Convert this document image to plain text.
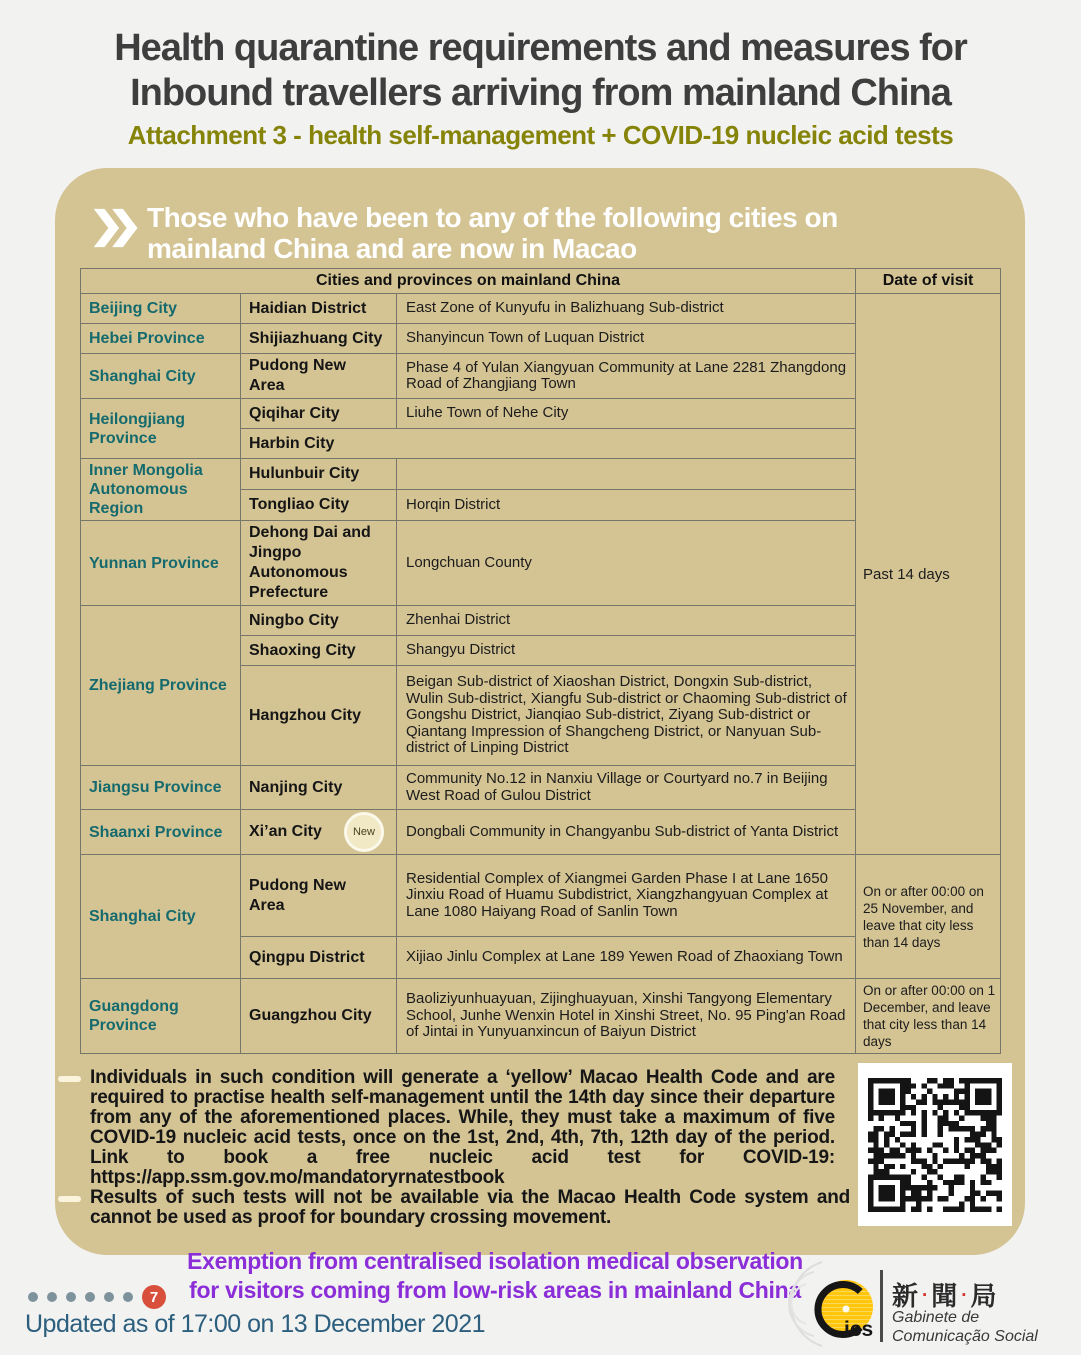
Health quarantine requirements and measures for
Inbound travellers arriving from mainland China
Attachment 3 - health self-management + COVID-19 nucleic acid tests
Those who have been to any of the following cities on
mainland China and are now in Macao
Cities and provinces on mainland China			Date of visit
Beijing City	Haidian District	East Zone of Kunyufu in Balizhuang Sub-district	Past 14 days
Hebei Province	Shijiazhuang City	Shanyincun Town of Luquan District	
Shanghai City	Pudong New Area	Phase 4 of Yulan Xiangyuan Community at Lane 2281 Zhangdong Road of Zhangjiang Town	
Heilongjiang Province	Qiqihar City	Liuhe Town of Nehe City	
	Harbin City		
Inner Mongolia Autonomous Region	Hulunbuir City		
	Tongliao City	Horqin District	
Yunnan Province	Dehong Dai and Jingpo Autonomous Prefecture	Longchuan County	
Zhejiang Province	Ningbo City	Zhenhai District	
	Shaoxing City	Shangyu District	
	Hangzhou City	Beigan Sub-district of Xiaoshan District, Dongxin Sub-district, Wulin Sub-district, Xiangfu Sub-district or Chaoming Sub-district of Gongshu District, Jianqiao Sub-district, Ziyang Sub-district or Qiantang Impression of Shangcheng District, or Nanyuan Sub-district of Linping District	
Jiangsu Province	Nanjing City	Community No.12 in Nanxiu Village or Courtyard no.7 in Beijing West Road of Gulou District	
Shaanxi Province	Xi’an City New	Dongbali Community in Changyanbu Sub-district of Yanta District	
Shanghai City	Pudong New Area	Residential Complex of Xiangmei Garden Phase I at Lane 1650 Jinxiu Road of Huamu Subdistrict, Xiangzhangyuan Complex at Lane 1080 Haiyang Road of Sanlin Town	On or after 00:00 on 25 November, and leave that city less than 14 days
	Qingpu District	Xijiao Jinlu Complex at Lane 189 Yewen Road of Zhaoxiang Town	
Guangdong Province	Guangzhou City	Baoliziyunhuayuan, Zijinghuayuan, Xinshi Tangyong Elementary School, Junhe Wenxin Hotel in Xinshi Street, No. 95 Ping'an Road of Jintai in Yunyuanxincun of Baiyun District	On or after 00:00 on 1 December, and leave that city less than 14 days
Individuals in such condition will generate a ‘yellow’ Macao Health Code and are required to practise health self-management until the 14th day since their departure from any of the aforementioned places. While, they must take a maximum of five COVID-19 nucleic acid tests, once on the 1st, 2nd, 4th, 7th, 12th day of the period. Link to book a free nucleic acid test for COVID-19: https://app.ssm.gov.mo/mandatoryrnatestbook
Results of such tests will not be available via the Macao Health Code system and cannot be used as proof for boundary crossing movement.
7
Exemption from centralised isolation medical observation
for visitors coming from low-risk areas in mainland China
Updated as of 17:00 on 13 December 2021	ics
新 ‧ 聞 ‧ 局
Gabinete de
Comunicação Social
